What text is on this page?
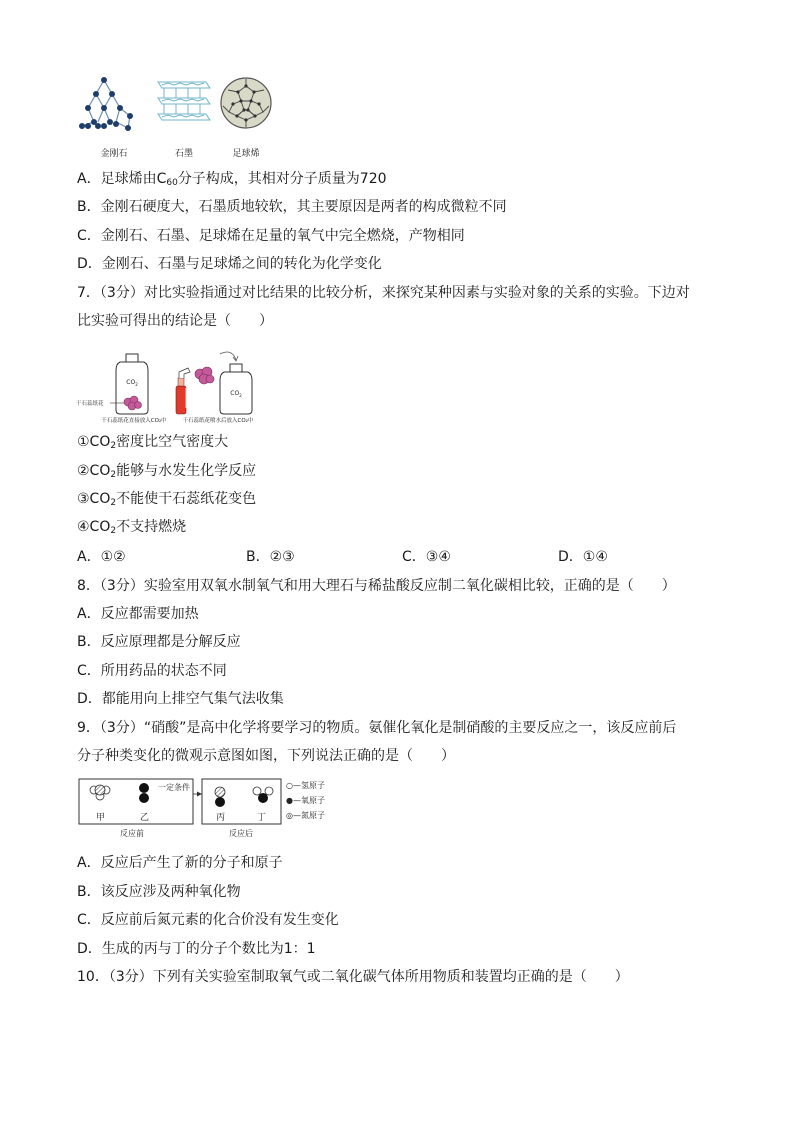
金刚石	石墨	足球烯
A．足球烯由$C_{60}$分子构成，其相对分子质量为720
B．金刚石硬度大，石墨质地较软，其主要原因是两者的构成微粒不同
C．金刚石、石墨、足球烯在足量的氧气中完全燃烧，产物相同
D．金刚石、石墨与足球烯之间的转化为化学变化
7．（3分）对比实验指通过对比结果的比较分析，来探究某种因素与实验对象的关系的实验。下边对
比实验可得出的结论是（　　）
$CO_2$
干石蕊纸花
$CO_2$
干石蕊纸花直接放入CO₂中	干石蕊纸花喷水后放入CO₂中
$①CO_2$密度比空气密度大
$②CO_2$能够与水发生化学反应
$③CO_2$不能使干石蕊纸花变色
$④CO_2$不支持燃烧
A．①②	B．②③	C．③④	D．①④
8．（3分）实验室用双氧水制氧气和用大理石与稀盐酸反应制二氧化碳相比较，正确的是（　　）
A．反应都需要加热
B．反应原理都是分解反应
C．所用药品的状态不同
D．都能用向上排空气集气法收集
9．（3分）“硝酸”是高中化学将要学习的物质。氨催化氧化是制硝酸的主要反应之一，该反应前后
分子种类变化的微观示意图如图，下列说法正确的是（　　）
甲	乙
一定条件
丙	丁
反应前	反应后
○—氢原子
●—氧原子
◎—氮原子
A．反应后产生了新的分子和原子
B．该反应涉及两种氧化物
C．反应前后氮元素的化合价没有发生变化
D．生成的丙与丁的分子个数比为1：1
10．（3分）下列有关实验室制取氧气或二氧化碳气体所用物质和装置均正确的是（　　）
